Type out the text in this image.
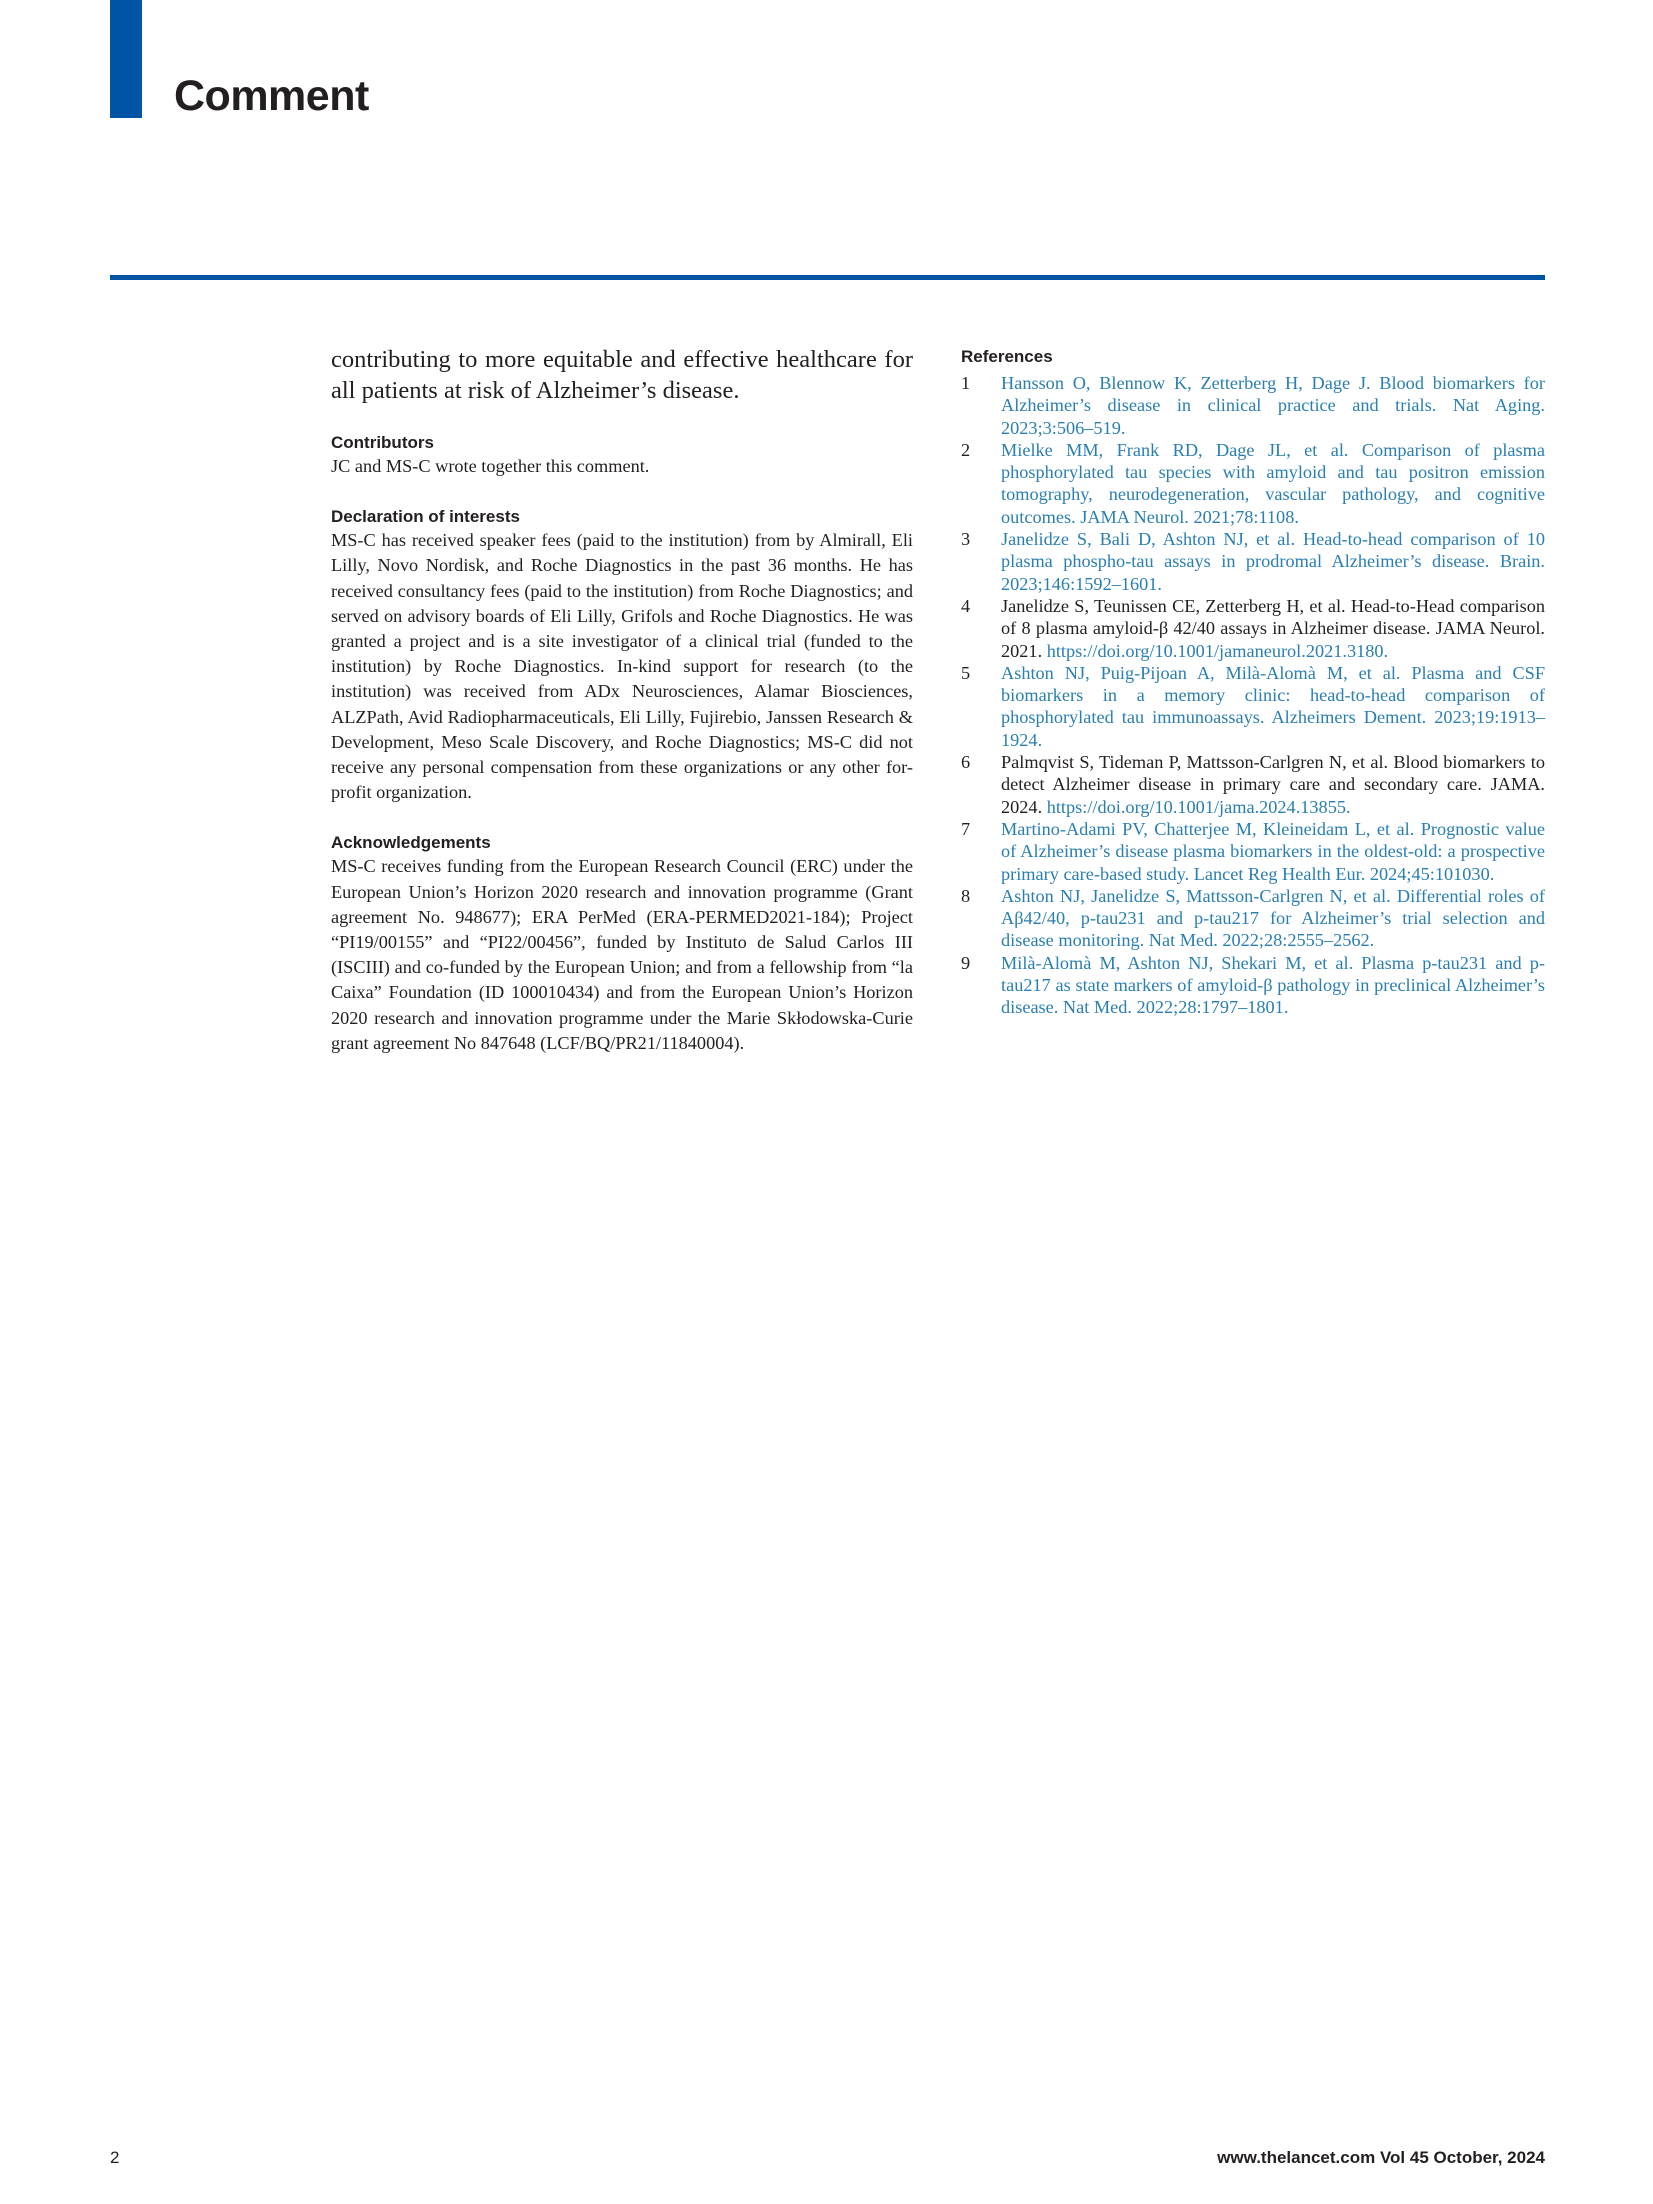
Comment

contributing to more equitable and effective healthcare for all patients at risk of Alzheimer’s disease.

Contributors

JC and MS-C wrote together this comment.

Declaration of interests

MS-C has received speaker fees (paid to the institution) from by Almirall, Eli Lilly, Novo Nordisk, and Roche Diagnostics in the past 36 months. He has received consultancy fees (paid to the institution) from Roche Diagnostics; and served on advisory boards of Eli Lilly, Grifols and Roche Diagnostics. He was granted a project and is a site investigator of a clinical trial (funded to the institution) by Roche Diagnostics. In-kind support for research (to the institution) was received from ADx Neurosciences, Alamar Biosciences, ALZPath, Avid Radiopharmaceuticals, Eli Lilly, Fujirebio, Janssen Research & Development, Meso Scale Discovery, and Roche Diagnostics; MS-C did not receive any personal compensation from these organizations or any other for-profit organization.

Acknowledgements

MS-C receives funding from the European Research Council (ERC) under the European Union’s Horizon 2020 research and innovation programme (Grant agreement No. 948677); ERA PerMed (ERA-PERMED2021-184); Project “PI19/00155” and “PI22/00456”, funded by Instituto de Salud Carlos III (ISCIII) and co-funded by the European Union; and from a fellowship from “la Caixa” Foundation (ID 100010434) and from the European Union’s Horizon 2020 research and innovation programme under the Marie Skłodowska-Curie grant agreement No 847648 (LCF/BQ/PR21/11840004).

References

1	Hansson O, Blennow K, Zetterberg H, Dage J. Blood biomarkers for Alzheimer’s disease in clinical practice and trials. Nat Aging. 2023;3:506–519.
2	Mielke MM, Frank RD, Dage JL, et al. Comparison of plasma phosphorylated tau species with amyloid and tau positron emission tomography, neurodegeneration, vascular pathology, and cognitive outcomes. JAMA Neurol. 2021;78:1108.
3	Janelidze S, Bali D, Ashton NJ, et al. Head-to-head comparison of 10 plasma phospho-tau assays in prodromal Alzheimer’s disease. Brain. 2023;146:1592–1601.
4	Janelidze S, Teunissen CE, Zetterberg H, et al. Head-to-Head comparison of 8 plasma amyloid-β 42/40 assays in Alzheimer disease. JAMA Neurol. 2021. https://doi.org/10.1001/jamaneurol.2021.3180.
5	Ashton NJ, Puig-Pijoan A, Milà-Alomà M, et al. Plasma and CSF biomarkers in a memory clinic: head-to-head comparison of phosphorylated tau immunoassays. Alzheimers Dement. 2023;19:1913–1924.
6	Palmqvist S, Tideman P, Mattsson-Carlgren N, et al. Blood biomarkers to detect Alzheimer disease in primary care and secondary care. JAMA. 2024. https://doi.org/10.1001/jama.2024.13855.
7	Martino-Adami PV, Chatterjee M, Kleineidam L, et al. Prognostic value of Alzheimer’s disease plasma biomarkers in the oldest-old: a prospective primary care-based study. Lancet Reg Health Eur. 2024;45:101030.
8	Ashton NJ, Janelidze S, Mattsson-Carlgren N, et al. Differential roles of Aβ42/40, p-tau231 and p-tau217 for Alzheimer’s trial selection and disease monitoring. Nat Med. 2022;28:2555–2562.
9	Milà-Alomà M, Ashton NJ, Shekari M, et al. Plasma p-tau231 and p-tau217 as state markers of amyloid-β pathology in preclinical Alzheimer’s disease. Nat Med. 2022;28:1797–1801.
2	www.thelancet.com Vol 45 October, 2024
